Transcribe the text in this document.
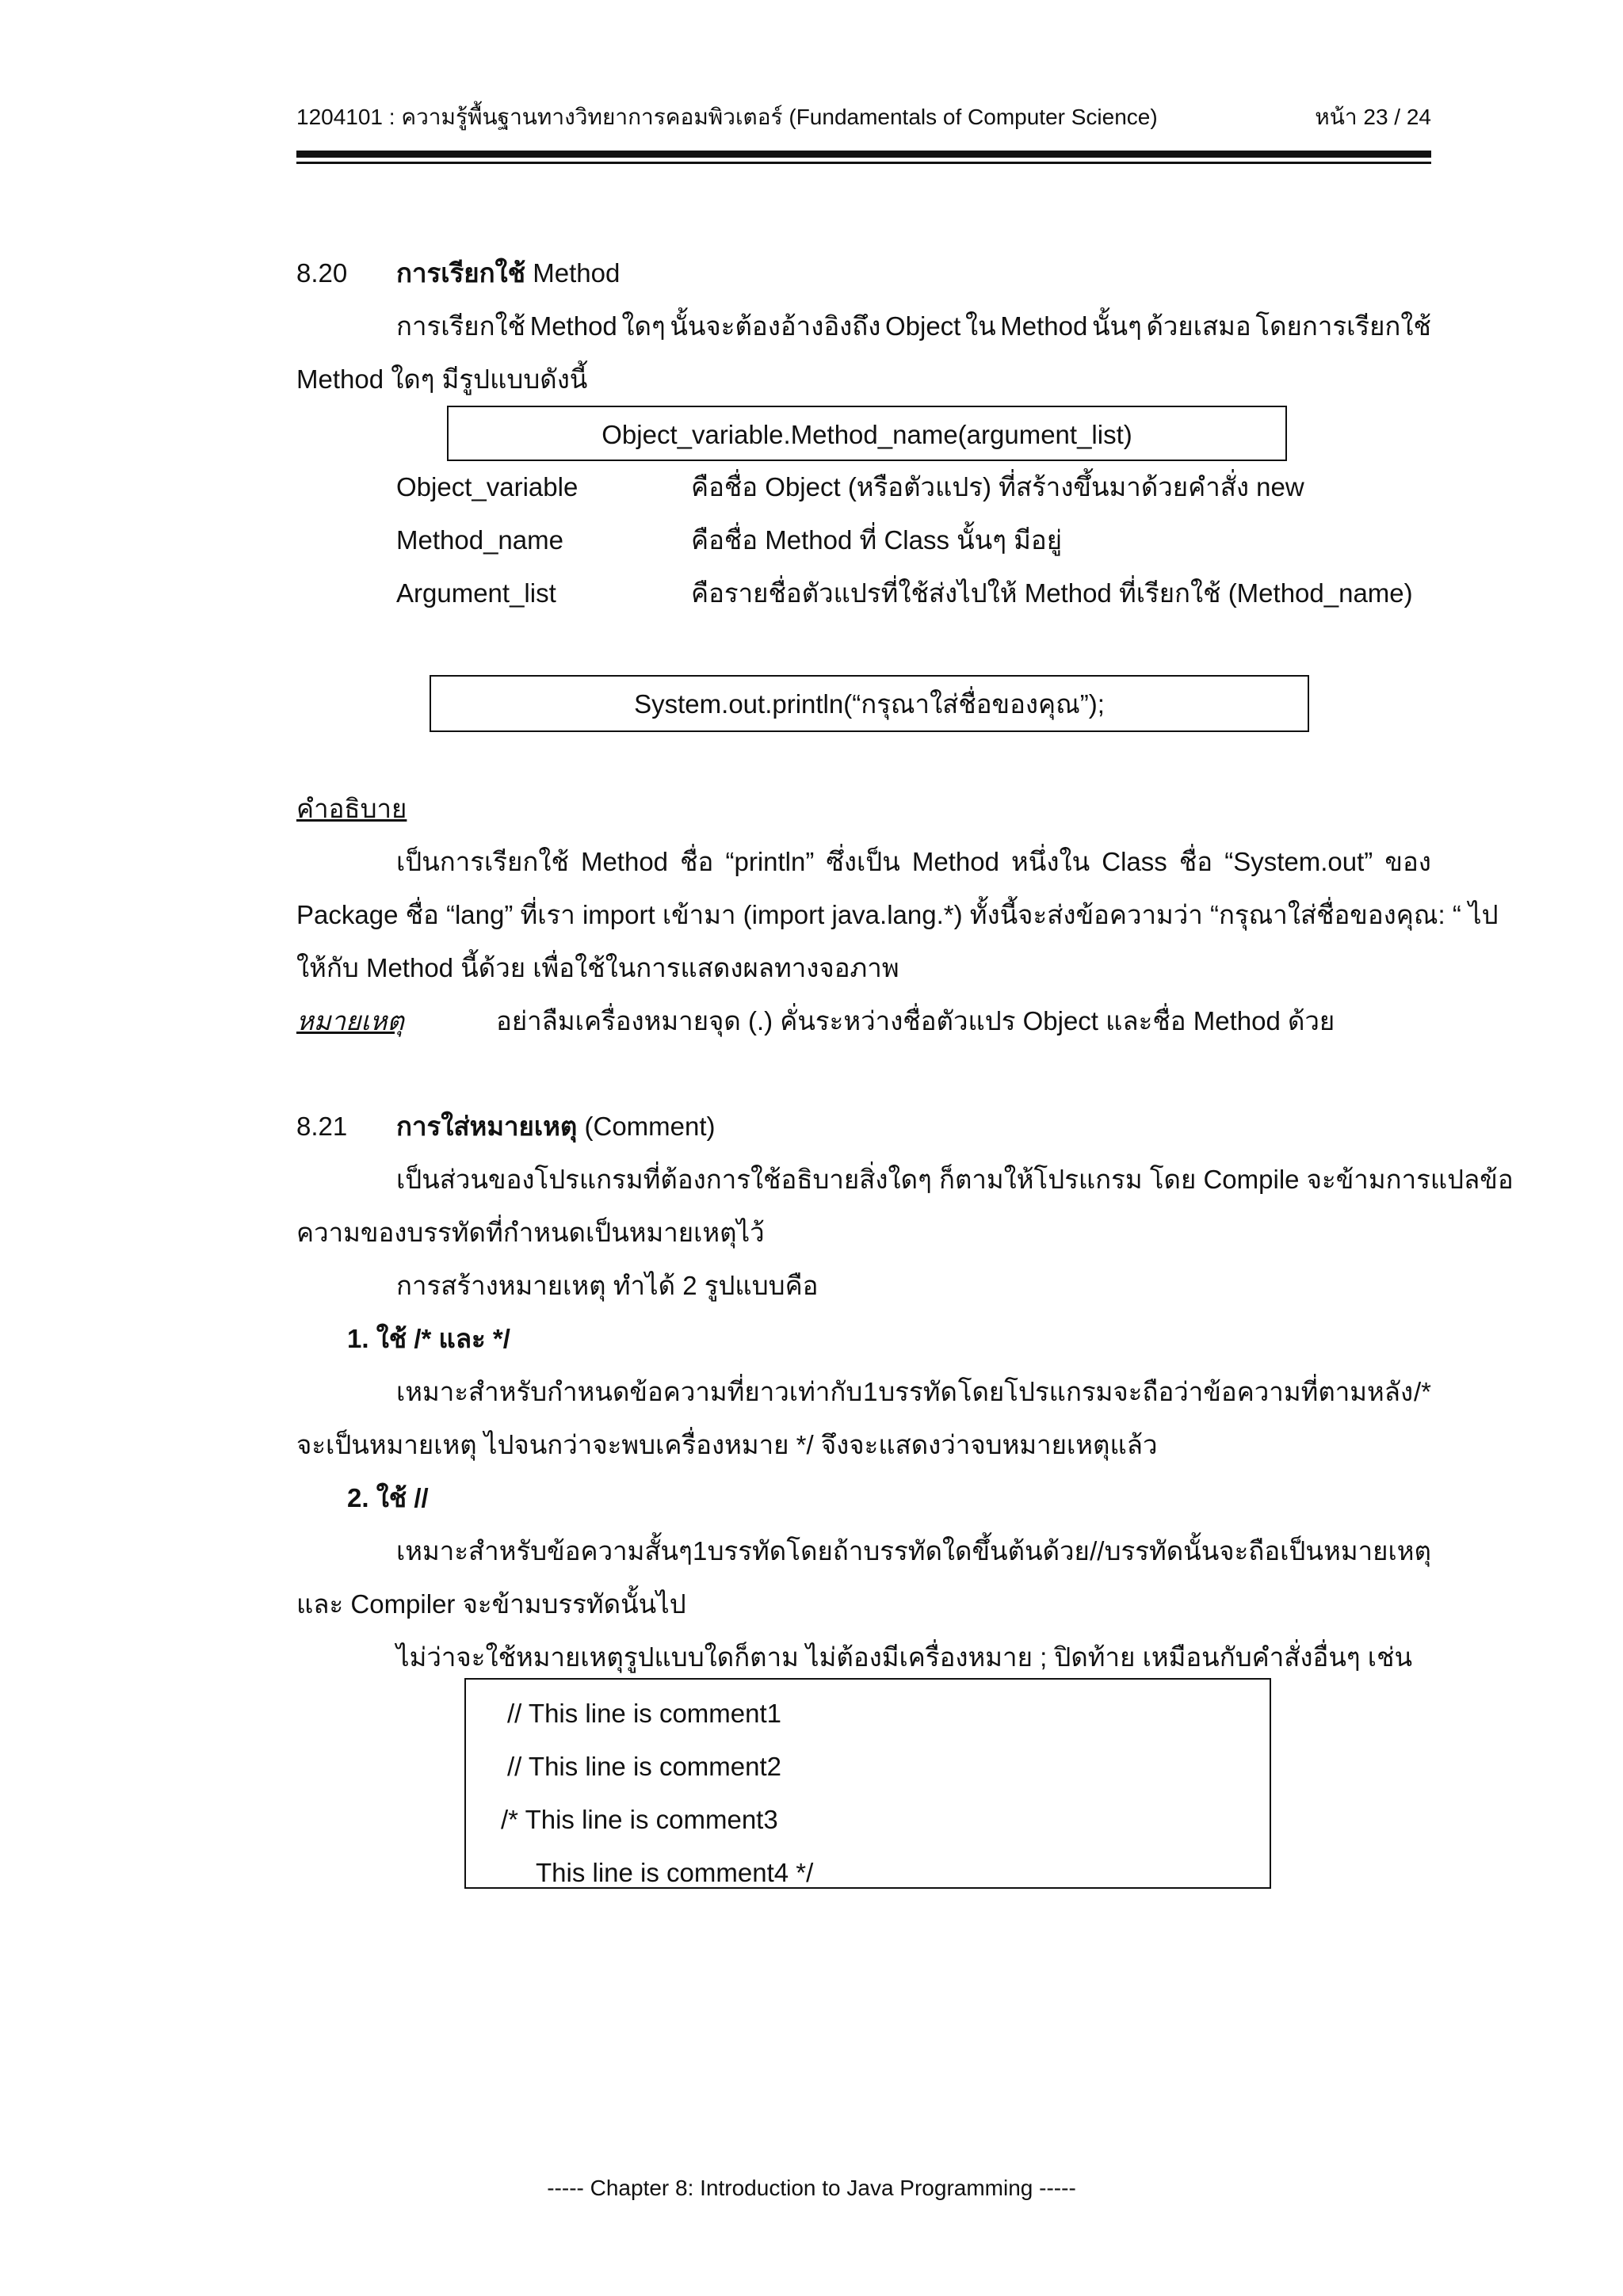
1204101 : ความรู้พื้นฐานทางวิทยาการคอมพิวเตอร์ (Fundamentals of Computer Science)	หน้า 23 / 24
8.20 การเรียกใช้ Method
การเรียกใช้ Method ใดๆ นั้นจะต้องอ้างอิงถึง Object ใน Method นั้นๆ ด้วยเสมอ โดยการเรียกใช้
Method ใดๆ มีรูปแบบดังนี้
Object_variable.Method_name(argument_list)
Object_variable	คือชื่อ Object (หรือตัวแปร) ที่สร้างขึ้นมาด้วยคำสั่ง new
Method_name	คือชื่อ Method ที่ Class นั้นๆ มีอยู่
Argument_list	คือรายชื่อตัวแปรที่ใช้ส่งไปให้ Method ที่เรียกใช้ (Method_name)
System.out.println(“กรุณาใส่ชื่อของคุณ”);
คำอธิบาย
เป็นการเรียกใช้ Method ชื่อ “println” ซึ่งเป็น Method หนึ่งใน Class ชื่อ “System.out” ของ
Package ชื่อ “lang” ที่เรา import เข้ามา (import java.lang.*) ทั้งนี้จะส่งข้อความว่า “กรุณาใส่ชื่อของคุณ: “ ไป
ให้กับ Method นี้ด้วย เพื่อใช้ในการแสดงผลทางจอภาพ
หมายเหตุ	อย่าลืมเครื่องหมายจุด (.) คั่นระหว่างชื่อตัวแปร Object และชื่อ Method ด้วย
8.21 การใส่หมายเหตุ (Comment)
เป็นส่วนของโปรแกรมที่ต้องการใช้อธิบายสิ่งใดๆ ก็ตามให้โปรแกรม โดย Compile จะข้ามการแปลข้อ
ความของบรรทัดที่กำหนดเป็นหมายเหตุไว้
การสร้างหมายเหตุ ทำได้ 2 รูปแบบคือ
1. ใช้ /* และ */
เหมาะสำหรับกำหนดข้อความที่ยาวเท่ากับ 1 บรรทัด โดยโปรแกรมจะถือว่าข้อความที่ตามหลัง /*
จะเป็นหมายเหตุ ไปจนกว่าจะพบเครื่องหมาย */ จึงจะแสดงว่าจบหมายเหตุแล้ว
2. ใช้ //
เหมาะสำหรับข้อความสั้นๆ 1 บรรทัด โดยถ้าบรรทัดใดขึ้นต้นด้วย // บรรทัดนั้นจะถือเป็น หมายเหตุ
และ Compiler จะข้ามบรรทัดนั้นไป
ไม่ว่าจะใช้หมายเหตุรูปแบบใดก็ตาม ไม่ต้องมีเครื่องหมาย ; ปิดท้าย เหมือนกับคำสั่งอื่นๆ เช่น
// This line is comment1
// This line is comment2
/* This line is comment3
This line is comment4 */
----- Chapter 8: Introduction to Java Programming -----
